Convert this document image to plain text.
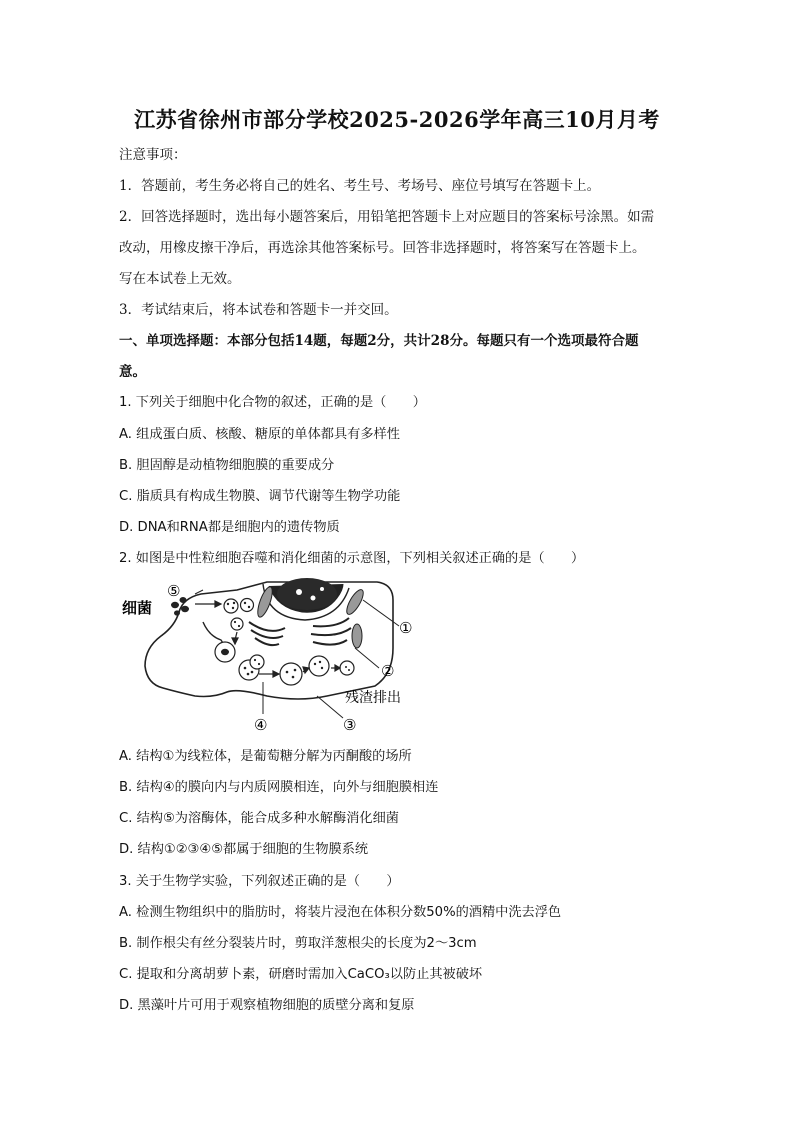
江苏省徐州市部分学校2025-2026学年高三10月月考
注意事项：
1．答题前，考生务必将自己的姓名、考生号、考场号、座位号填写在答题卡上。
2．回答选择题时，选出每小题答案后，用铅笔把答题卡上对应题目的答案标号涂黑。如需
改动，用橡皮擦干净后，再选涂其他答案标号。回答非选择题时，将答案写在答题卡上。
写在本试卷上无效。
3．考试结束后，将本试卷和答题卡一并交回。
一、单项选择题：本部分包括14题，每题2分，共计28分。每题只有一个选项最符合题
意。
1. 下列关于细胞中化合物的叙述，正确的是（　　）
A. 组成蛋白质、核酸、糖原的单体都具有多样性
B. 胆固醇是动植物细胞膜的重要成分
C. 脂质具有构成生物膜、调节代谢等生物学功能
D. DNA和RNA都是细胞内的遗传物质
2. 如图是中性粒细胞吞噬和消化细菌的示意图，下列相关叙述正确的是（　　）
细菌
残渣排出
⑤
①
②
③
④
A. 结构①为线粒体，是葡萄糖分解为丙酮酸的场所
B. 结构④的膜向内与内质网膜相连，向外与细胞膜相连
C. 结构⑤为溶酶体，能合成多种水解酶消化细菌
D. 结构①②③④⑤都属于细胞的生物膜系统
3. 关于生物学实验，下列叙述正确的是（　　）
A. 检测生物组织中的脂肪时，将装片浸泡在体积分数50%的酒精中洗去浮色
B. 制作根尖有丝分裂装片时，剪取洋葱根尖的长度为2～3cm
C. 提取和分离胡萝卜素，研磨时需加入CaCO₃以防止其被破坏
D. 黑藻叶片可用于观察植物细胞的质壁分离和复原
